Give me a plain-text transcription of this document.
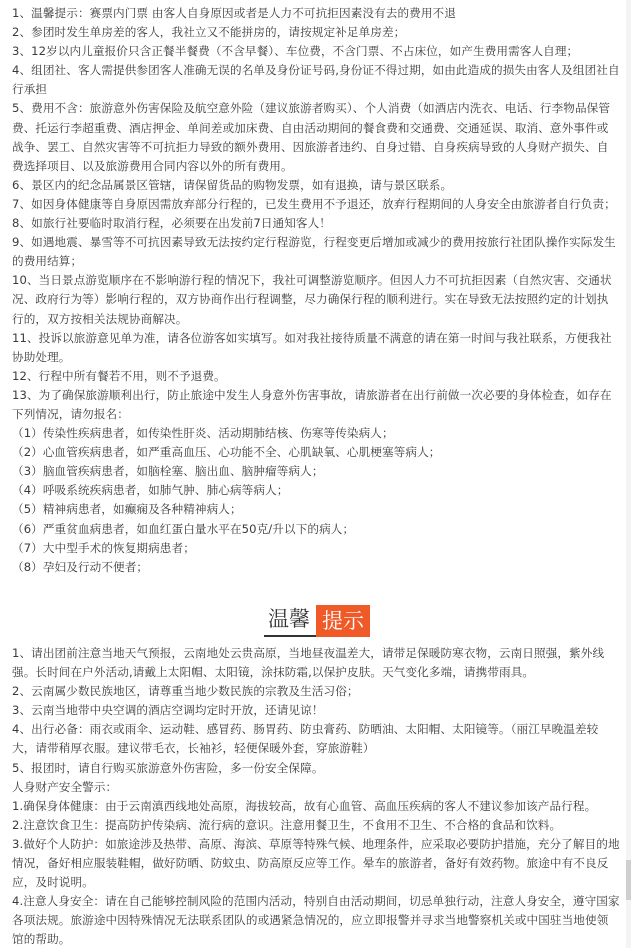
1、温馨提示：赛票内门票 由客人自身原因或者是人力不可抗拒因素没有去的费用不退

2、参团时发生单房差的客人，我社立又不能拼房的，请按规定补足单房差；

3、12岁以内儿童报价只含正餐半餐费（不含早餐）、车位费，不含门票、不占床位，如产生费用需客人自理；

4、组团社、客人需提供参团客人准确无误的名单及身份证号码,身份证不得过期，如由此造成的损失由客人及组团社自行承担

5、费用不含：旅游意外伤害保险及航空意外险（建议旅游者购买）、个人消费（如酒店内洗衣、电话、行李物品保管费、托运行李超重费、酒店押金、单间差或加床费、自由活动期间的餐食费和交通费、交通延误、取消、意外事件或战争、罢工、自然灾害等不可抗拒力导致的额外费用、因旅游者违约、自身过错、自身疾病导致的人身财产损失、自费选择项目、以及旅游费用合同内容以外的所有费用。

6、景区内的纪念品属景区管辖，请保留货品的购物发票，如有退换，请与景区联系。

7、如因身体健康等自身原因需放弃部分行程的，已发生费用不予退还，放弃行程期间的人身安全由旅游者自行负责；

8、如旅行社要临时取消行程，必须要在出发前7日通知客人！

9、如遇地震、暴雪等不可抗因素导致无法按约定行程游览，行程变更后增加或减少的费用按旅行社团队操作实际发生的费用结算；

10、当日景点游览顺序在不影响游行程的情况下，我社可调整游览顺序。但因人力不可抗拒因素（自然灾害、交通状况、政府行为等）影响行程的，双方协商作出行程调整，尽力确保行程的顺利进行。实在导致无法按照约定的计划执行的，双方按相关法规协商解决。

11、投诉以旅游意见单为准，请各位游客如实填写。如对我社接待质量不满意的请在第一时间与我社联系，方便我社协助处理。

12、行程中所有餐若不用，则不予退费。

13、为了确保旅游顺利出行，防止旅途中发生人身意外伤害事故，请旅游者在出行前做一次必要的身体检查，如存在下列情况，请勿报名：

（1）传染性疾病患者，如传染性肝炎、活动期肺结核、伤寒等传染病人；

（2）心血管疾病患者，如严重高血压、心功能不全、心肌缺氧、心肌梗塞等病人；

（3）脑血管疾病患者，如脑栓塞、脑出血、脑肿瘤等病人；

（4）呼吸系统疾病患者，如肺气肿、肺心病等病人；

（5）精神病患者，如癫痫及各种精神病人；

（6）严重贫血病患者，如血红蛋白量水平在50克/升以下的病人；

（7）大中型手术的恢复期病患者；

（8）孕妇及行动不便者；

温馨 提示

1、请出团前注意当地天气预报，云南地处云贵高原，当地昼夜温差大，请带足保暖防寒衣物，云南日照强，紫外线强。长时间在户外活动,请戴上太阳帽、太阳镜，涂抹防霜,以保护皮肤。天气变化多端，请携带雨具。

2、云南属少数民族地区，请尊重当地少数民族的宗教及生活习俗；

3、云南当地带中央空调的酒店空调均定时开放，还请见谅！

4、出行必备：雨衣或雨伞、运动鞋、感冒药、肠胃药、防虫膏药、防晒油、太阳帽、太阳镜等。（丽江早晚温差较大，请带稍厚衣服。建议带毛衣，长袖衫，轻便保暖外套，穿旅游鞋）

5、报团时，请自行购买旅游意外伤害险，多一份安全保障。

人身财产安全警示：

1.确保身体健康：由于云南滇西线地处高原，海拔较高，故有心血管、高血压疾病的客人不建议参加该产品行程。

2.注意饮食卫生：提高防护传染病、流行病的意识。注意用餐卫生，不食用不卫生、不合格的食品和饮料。

3.做好个人防护：如旅途涉及热带、高原、海滨、草原等特殊气候、地理条件，应采取必要防护措施，充分了解目的地情况，备好相应服装鞋帽，做好防晒、防蚊虫、防高原反应等工作。晕车的旅游者，备好有效药物。旅途中有不良反应，及时说明。

4.注意人身安全：请在自己能够控制风险的范围内活动，特别自由活动期间，切忌单独行动，注意人身安全，遵守国家各项法规。旅游途中因特殊情况无法联系团队的或遇紧急情况的，应立即报警并寻求当地警察机关或中国驻当地使领馆的帮助。
